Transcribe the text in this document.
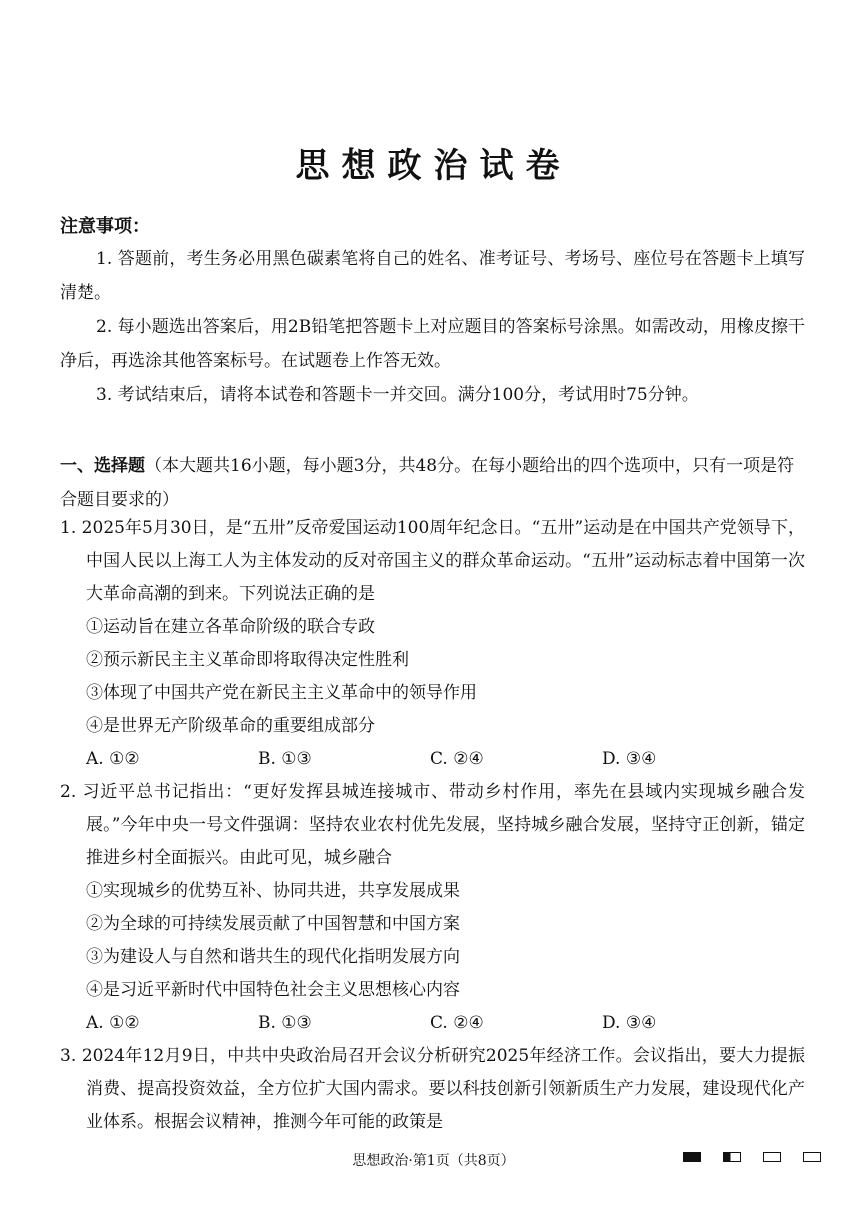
思想政治试卷
注意事项：

1. 答题前，考生务必用黑色碳素笔将自己的姓名、准考证号、考场号、座位号在答题卡上填写清楚。

2. 每小题选出答案后，用2B铅笔把答题卡上对应题目的答案标号涂黑。如需改动，用橡皮擦干净后，再选涂其他答案标号。在试题卷上作答无效。

3. 考试结束后，请将本试卷和答题卡一并交回。满分100分，考试用时75分钟。

一、选择题（本大题共16小题，每小题3分，共48分。在每小题给出的四个选项中，只有一项是符合题目要求的）
1. 2025年5月30日，是“五卅”反帝爱国运动100周年纪念日。“五卅”运动是在中国共产党领导下，中国人民以上海工人为主体发动的反对帝国主义的群众革命运动。“五卅”运动标志着中国第一次大革命高潮的到来。下列说法正确的是
①运动旨在建立各革命阶级的联合专政
②预示新民主主义革命即将取得决定性胜利
③体现了中国共产党在新民主主义革命中的领导作用
④是世界无产阶级革命的重要组成部分
A. ①②	B. ①③	C. ②④	D. ③④
2. 习近平总书记指出：“更好发挥县城连接城市、带动乡村作用，率先在县域内实现城乡融合发展。”今年中央一号文件强调：坚持农业农村优先发展，坚持城乡融合发展，坚持守正创新，锚定推进乡村全面振兴。由此可见，城乡融合
①实现城乡的优势互补、协同共进，共享发展成果
②为全球的可持续发展贡献了中国智慧和中国方案
③为建设人与自然和谐共生的现代化指明发展方向
④是习近平新时代中国特色社会主义思想核心内容
A. ①②	B. ①③	C. ②④	D. ③④
3. 2024年12月9日，中共中央政治局召开会议分析研究2025年经济工作。会议指出，要大力提振消费、提高投资效益，全方位扩大国内需求。要以科技创新引领新质生产力发展，建设现代化产业体系。根据会议精神，推测今年可能的政策是
思想政治·第1页（共8页）
